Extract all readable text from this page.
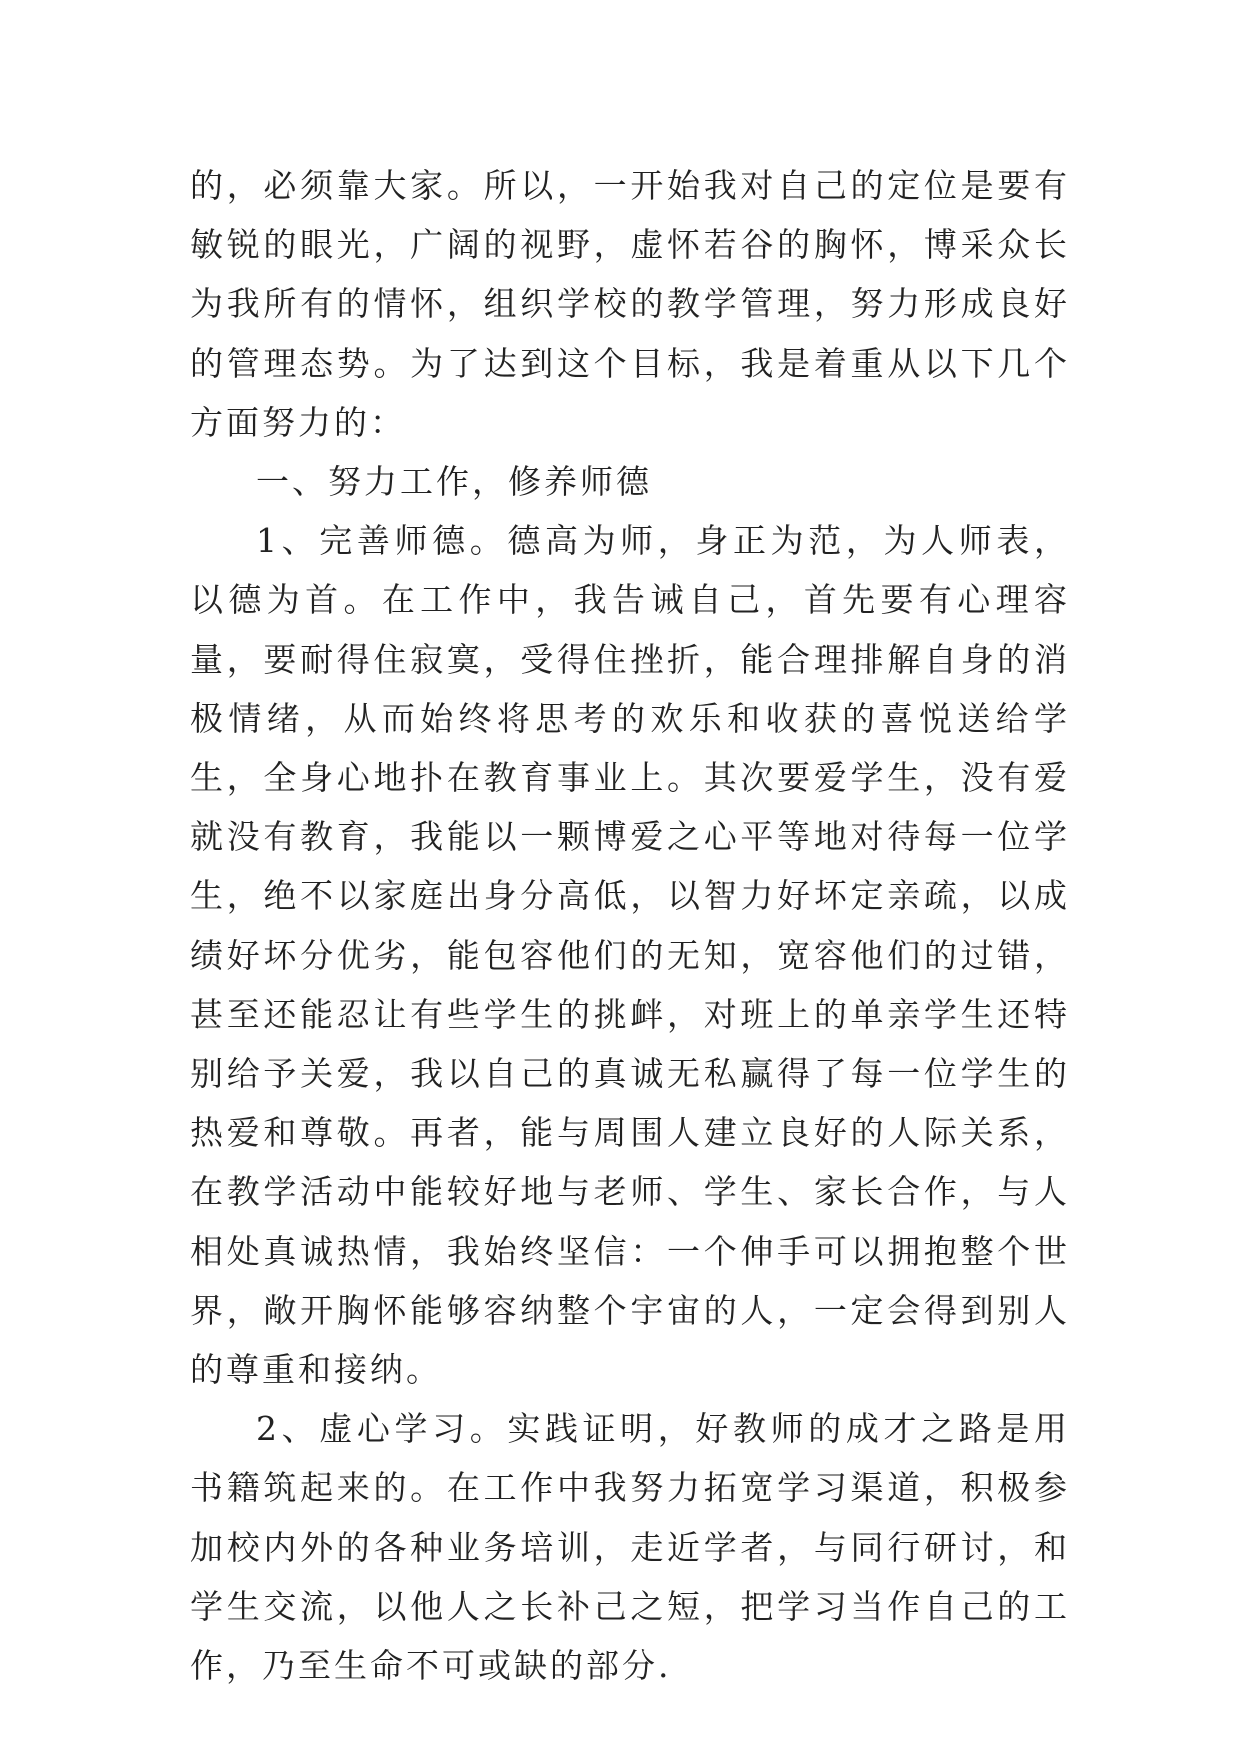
的，必须靠大家。所以，一开始我对自己的定位是要有敏锐的眼光，广阔的视野，虚怀若谷的胸怀，博采众长为我所有的情怀，组织学校的教学管理，努力形成良好的管理态势。为了达到这个目标，我是着重从以下几个方面努力的：

一、努力工作，修养师德

1、完善师德。德高为师，身正为范，为人师表，以德为首。在工作中，我告诫自己，首先要有心理容量，要耐得住寂寞，受得住挫折，能合理排解自身的消极情绪，从而始终将思考的欢乐和收获的喜悦送给学生，全身心地扑在教育事业上。其次要爱学生，没有爱就没有教育，我能以一颗博爱之心平等地对待每一位学生，绝不以家庭出身分高低，以智力好坏定亲疏，以成绩好坏分优劣，能包容他们的无知，宽容他们的过错，甚至还能忍让有些学生的挑衅，对班上的单亲学生还特别给予关爱，我以自己的真诚无私赢得了每一位学生的热爱和尊敬。再者，能与周围人建立良好的人际关系，在教学活动中能较好地与老师、学生、家长合作，与人相处真诚热情，我始终坚信：一个伸手可以拥抱整个世界，敞开胸怀能够容纳整个宇宙的人，一定会得到别人的尊重和接纳。

2、虚心学习。实践证明，好教师的成才之路是用书籍筑起来的。在工作中我努力拓宽学习渠道，积极参加校内外的各种业务培训，走近学者，与同行研讨，和学生交流，以他人之长补己之短，把学习当作自己的工作，乃至生命不可或缺的部分.
